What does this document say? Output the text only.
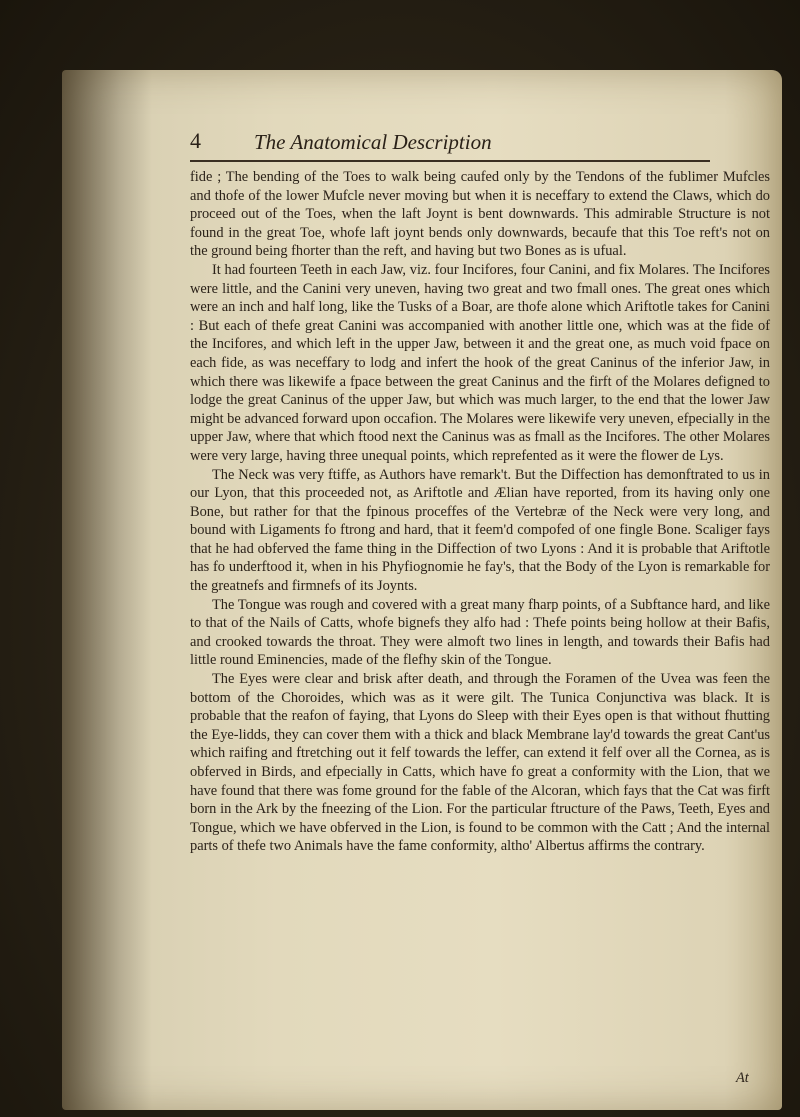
4	The Anatomical Description

fide ; The bending of the Toes to walk being caufed only by the Tendons of the fublimer Mufcles and thofe of the lower Mufcle never moving but when it is neceffary to extend the Claws, which do proceed out of the Toes, when the laft Joynt is bent downwards. This admirable Structure is not found in the great Toe, whofe laft joynt bends only downwards, becaufe that this Toe reft's not on the ground being fhorter than the reft, and having but two Bones as is ufual.

It had fourteen Teeth in each Jaw, viz. four Incifores, four Canini, and fix Molares. The Incifores were little, and the Canini very uneven, having two great and two fmall ones. The great ones which were an inch and half long, like the Tusks of a Boar, are thofe alone which Ariftotle takes for Canini : But each of thefe great Canini was accompanied with another little one, which was at the fide of the Incifores, and which left in the upper Jaw, between it and the great one, as much void fpace on each fide, as was neceffary to lodg and infert the hook of the great Caninus of the inferior Jaw, in which there was likewife a fpace between the great Caninus and the firft of the Molares defigned to lodge the great Caninus of the upper Jaw, but which was much larger, to the end that the lower Jaw might be advanced forward upon occafion. The Molares were likewife very uneven, efpecially in the upper Jaw, where that which ftood next the Caninus was as fmall as the Incifores. The other Molares were very large, having three unequal points, which reprefented as it were the flower de Lys.

The Neck was very ftiffe, as Authors have remark't. But the Diffection has demonftrated to us in our Lyon, that this proceeded not, as Ariftotle and Ælian have reported, from its having only one Bone, but rather for that the fpinous proceffes of the Vertebræ of the Neck were very long, and bound with Ligaments fo ftrong and hard, that it feem'd compofed of one fingle Bone. Scaliger fays that he had obferved the fame thing in the Diffection of two Lyons : And it is probable that Ariftotle has fo underftood it, when in his Phyfiognomie he fay's, that the Body of the Lyon is remarkable for the greatnefs and firmnefs of its Joynts.

The Tongue was rough and covered with a great many fharp points, of a Subftance hard, and like to that of the Nails of Catts, whofe bignefs they alfo had : Thefe points being hollow at their Bafis, and crooked towards the throat. They were almoft two lines in length, and towards their Bafis had little round Eminencies, made of the flefhy skin of the Tongue.

The Eyes were clear and brisk after death, and through the Foramen of the Uvea was feen the bottom of the Choroides, which was as it were gilt. The Tunica Conjunctiva was black. It is probable that the reafon of faying, that Lyons do Sleep with their Eyes open is that without fhutting the Eye-lidds, they can cover them with a thick and black Membrane lay'd towards the great Cant'us which raifing and ftretching out it felf towards the leffer, can extend it felf over all the Cornea, as is obferved in Birds, and efpecially in Catts, which have fo great a conformity with the Lion, that we have found that there was fome ground for the fable of the Alcoran, which fays that the Cat was firft born in the Ark by the fneezing of the Lion. For the particular ftructure of the Paws, Teeth, Eyes and Tongue, which we have obferved in the Lion, is found to be common with the Catt ; And the internal parts of thefe two Animals have the fame conformity, altho' Albertus affirms the contrary.

At
